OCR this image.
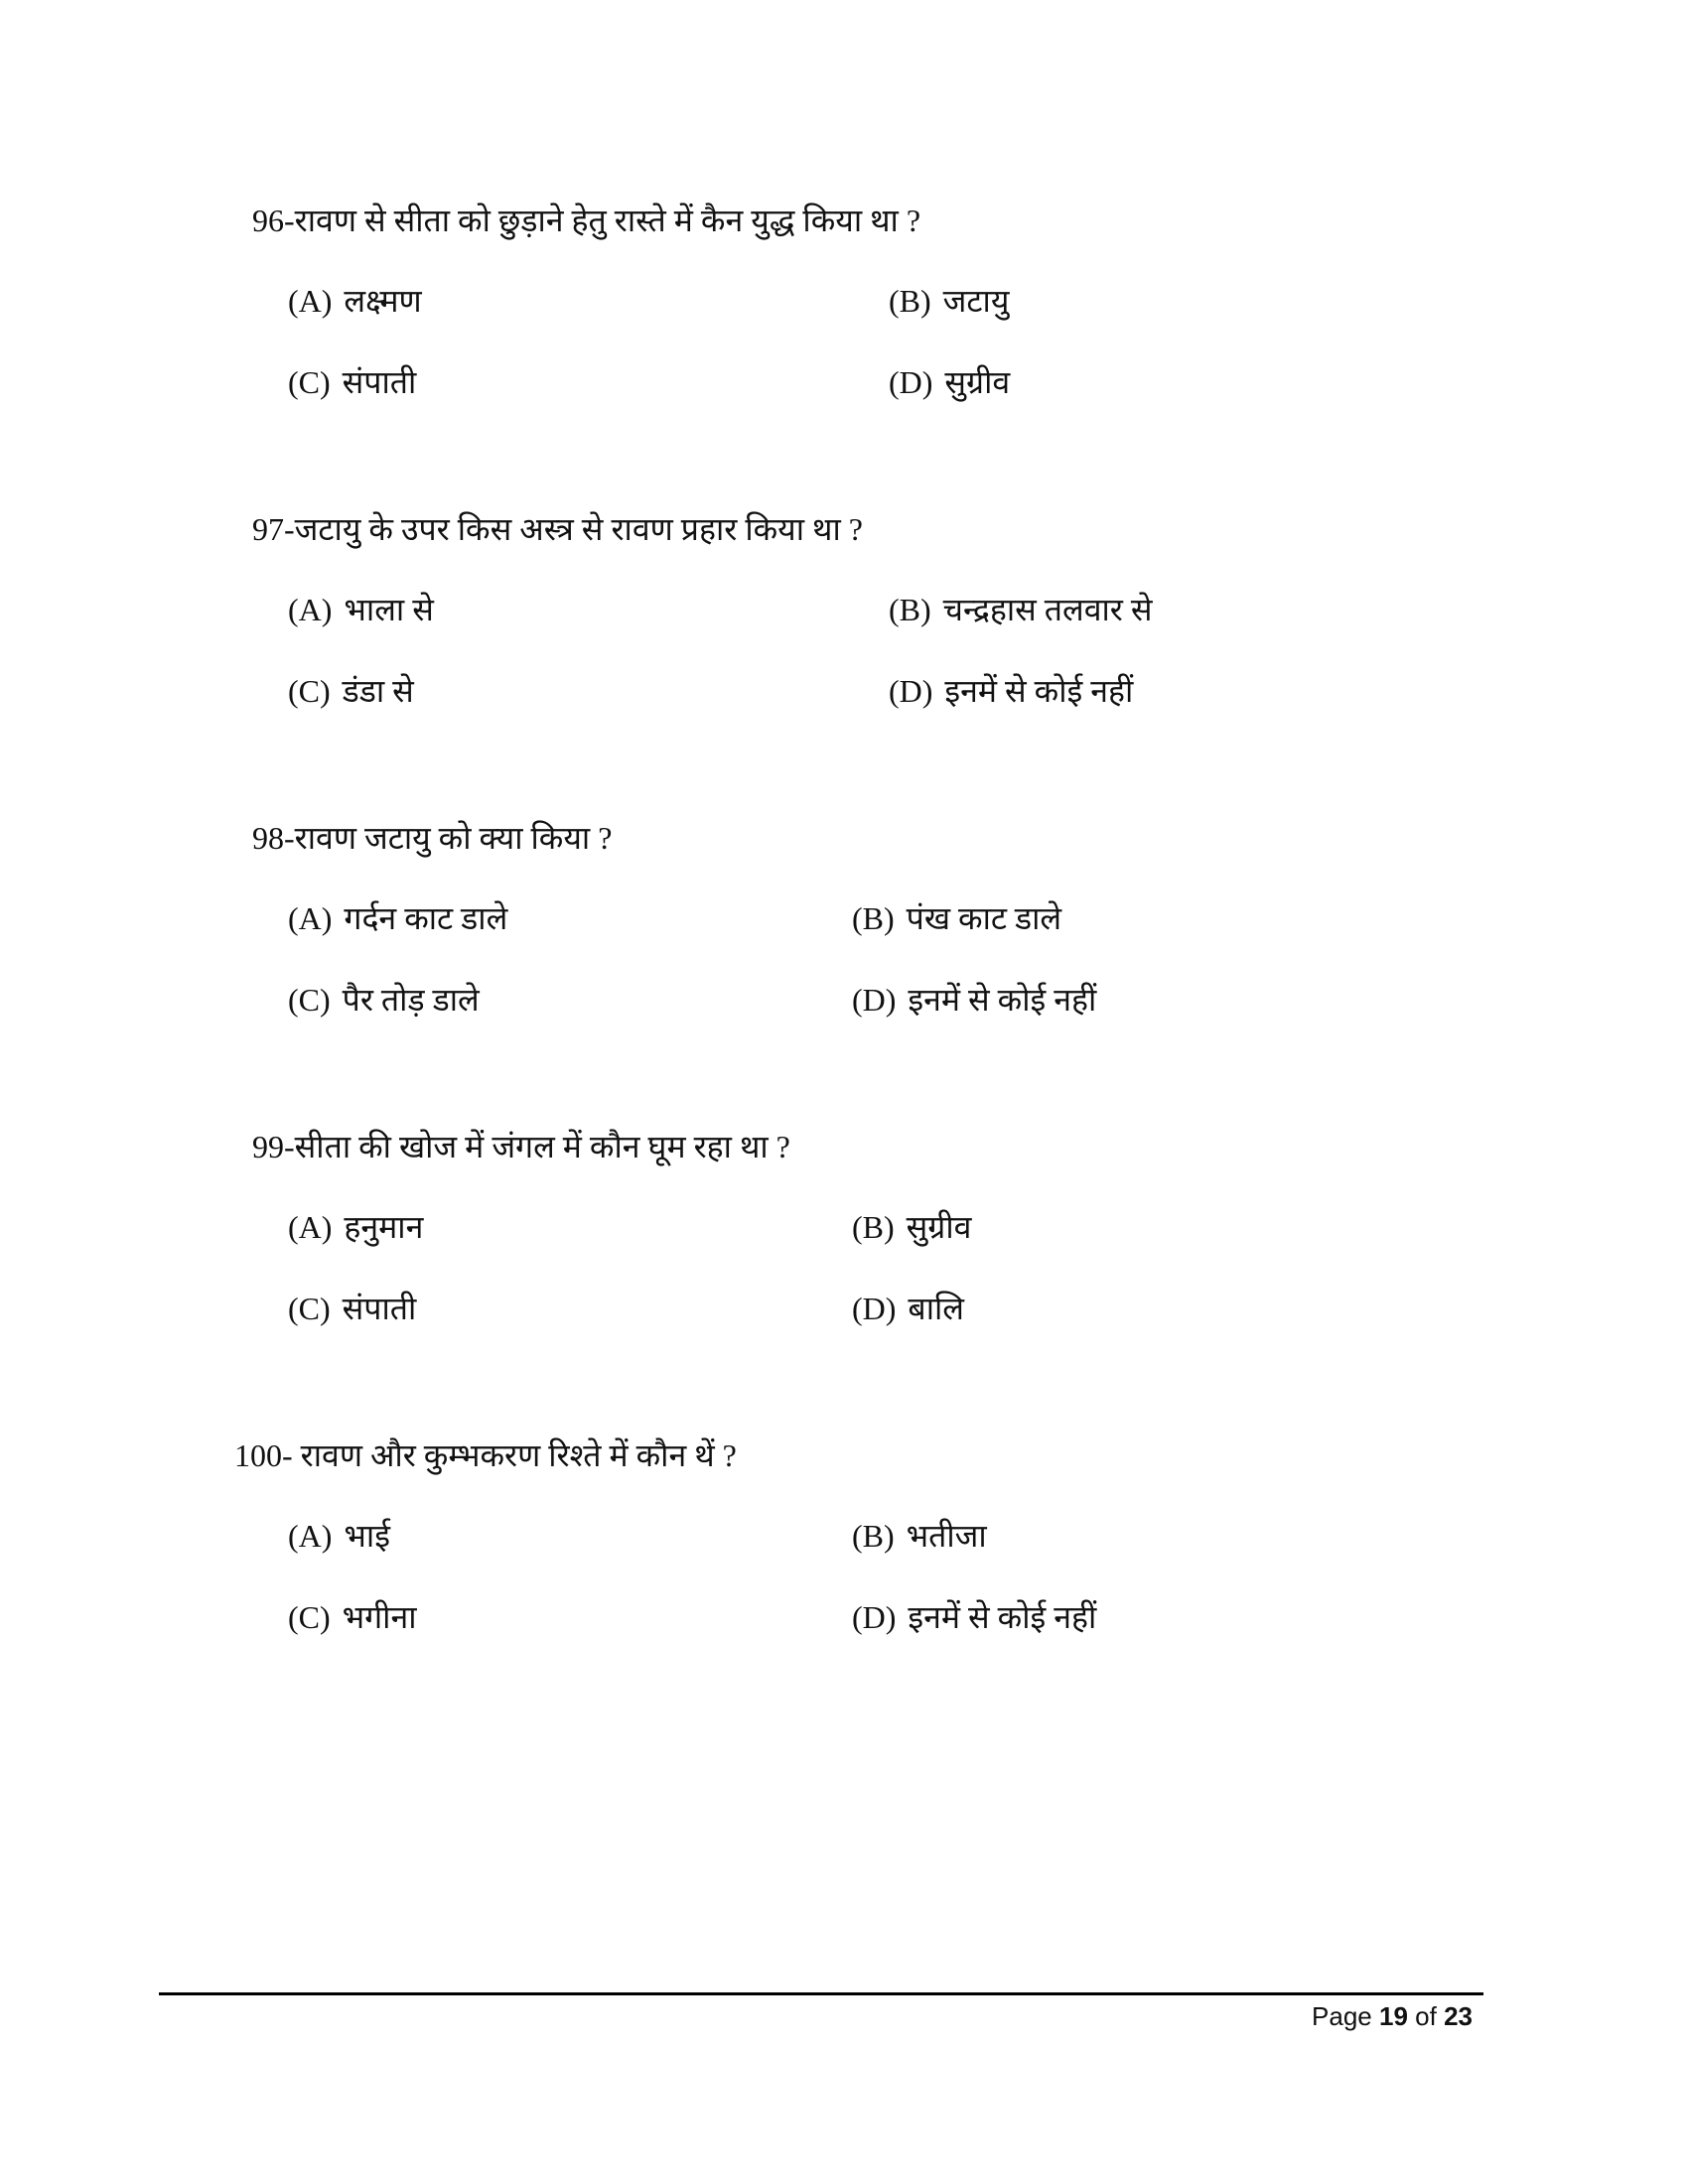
96-रावण से सीता को छुड़ाने हेतु रास्ते में कैन युद्ध किया था ?
(A) लक्ष्मण	(B) जटायु
(C) संपाती	(D) सुग्रीव
97-जटायु के उपर किस अस्त्र से रावण प्रहार किया था ?
(A) भाला से	(B) चन्द्रहास तलवार से
(C) डंडा से	(D) इनमें से कोई नहीं
98-रावण जटायु को क्या किया ?
(A) गर्दन काट डाले	(B) पंख काट डाले
(C) पैर तोड़ डाले	(D) इनमें से कोई नहीं
99-सीता की खोज में जंगल में कौन घूम रहा था ?
(A) हनुमान	(B) सुग्रीव
(C) संपाती	(D) बालि
100- रावण और कुम्भकरण रिश्ते में कौन थें ?
(A) भाई	(B) भतीजा
(C) भगीना	(D) इनमें से कोई नहीं
Page 19 of 23
